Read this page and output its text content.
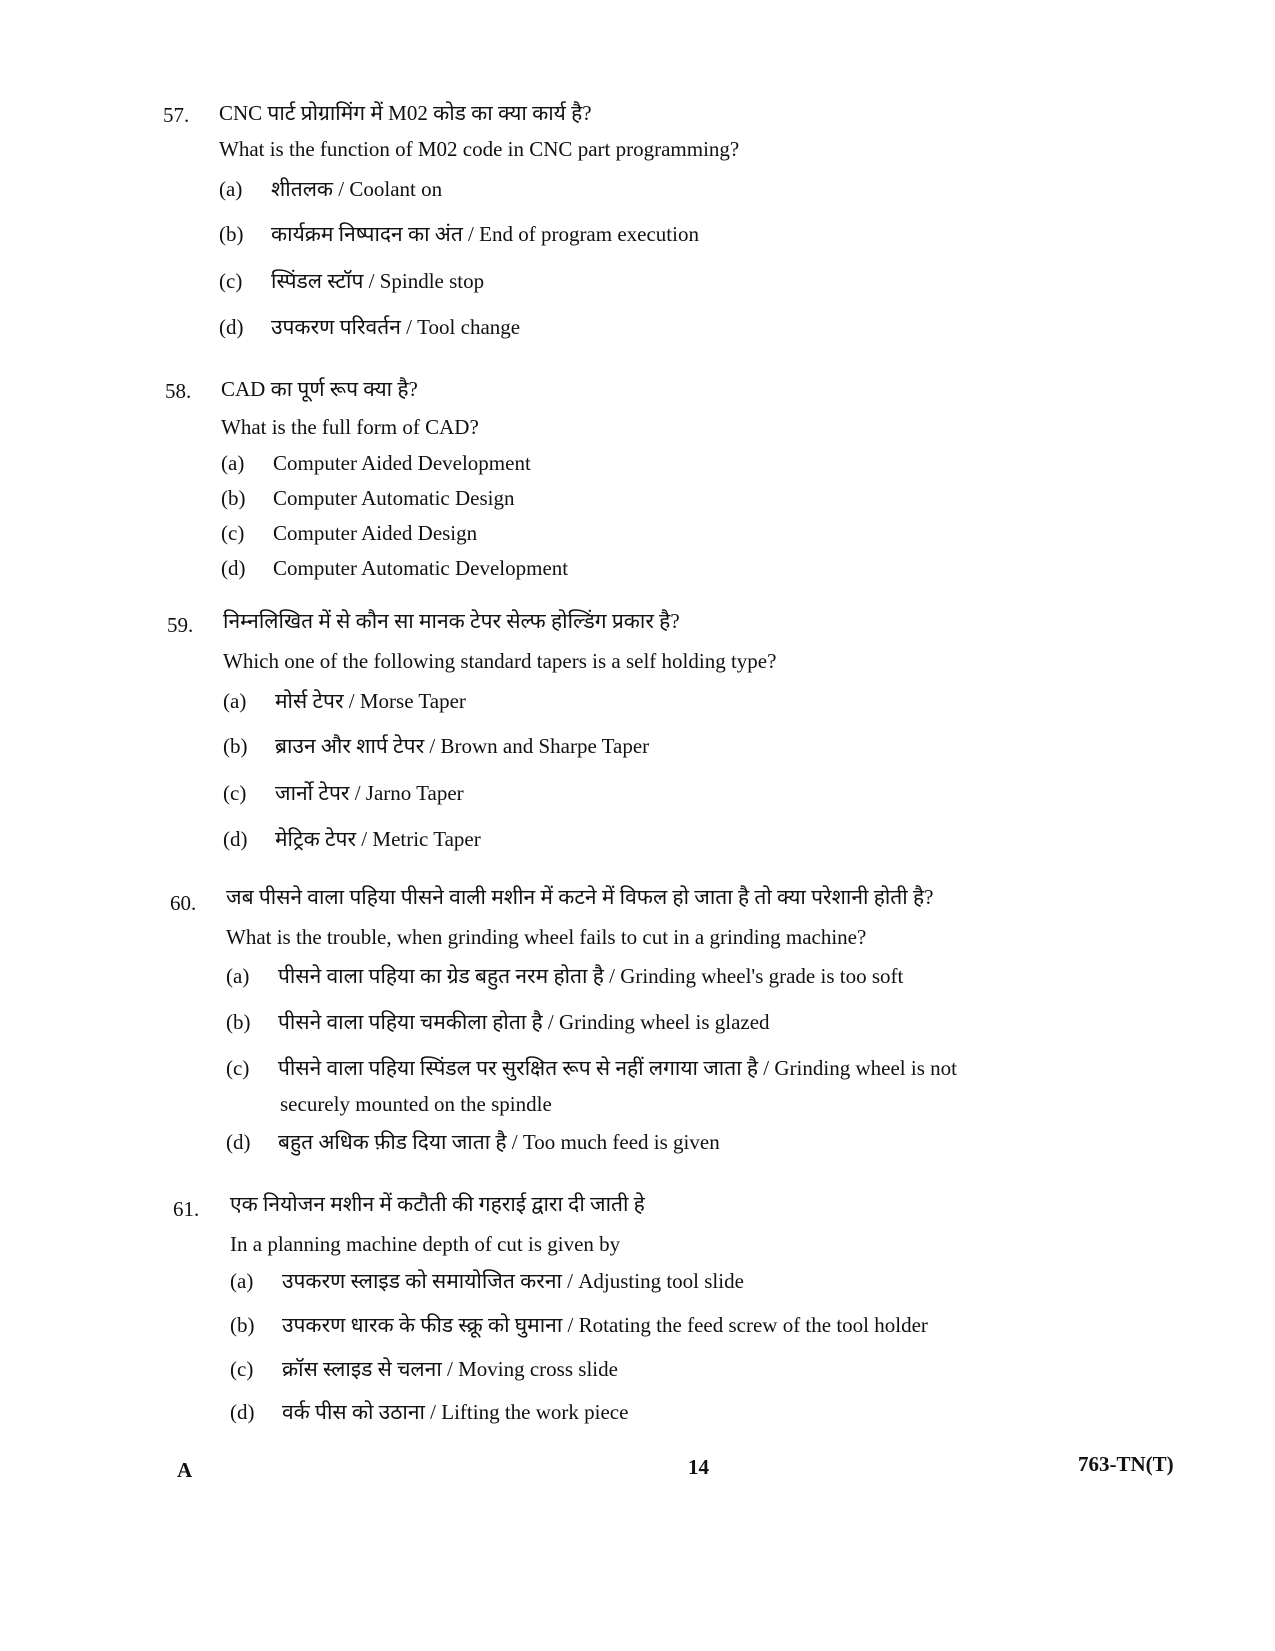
57. CNC पार्ट प्रोग्रामिंग में M02 कोड का क्या कार्य है?
What is the function of M02 code in CNC part programming?
(a) शीतलक / Coolant on
(b) कार्यक्रम निष्पादन का अंत / End of program execution
(c) स्पिंडल स्टॉप / Spindle stop
(d) उपकरण परिवर्तन / Tool change
58. CAD का पूर्ण रूप क्या है?
What is the full form of CAD?
(a) Computer Aided Development
(b) Computer Automatic Design
(c) Computer Aided Design
(d) Computer Automatic Development
59. निम्नलिखित में से कौन सा मानक टेपर सेल्फ होल्डिंग प्रकार है?
Which one of the following standard tapers is a self holding type?
(a) मोर्स टेपर / Morse Taper
(b) ब्राउन और शार्प टेपर / Brown and Sharpe Taper
(c) जार्नो टेपर / Jarno Taper
(d) मेट्रिक टेपर / Metric Taper
60. जब पीसने वाला पहिया पीसने वाली मशीन में कटने में विफल हो जाता है तो क्या परेशानी होती है?
What is the trouble, when grinding wheel fails to cut in a grinding machine?
(a) पीसने वाला पहिया का ग्रेड बहुत नरम होता है / Grinding wheel's grade is too soft
(b) पीसने वाला पहिया चमकीला होता है / Grinding wheel is glazed
(c) पीसने वाला पहिया स्पिंडल पर सुरक्षित रूप से नहीं लगाया जाता है / Grinding wheel is not
securely mounted on the spindle
(d) बहुत अधिक फ़ीड दिया जाता है / Too much feed is given
61. एक नियोजन मशीन में कटौती की गहराई द्वारा दी जाती हे
In a planning machine depth of cut is given by
(a) उपकरण स्लाइड को समायोजित करना / Adjusting tool slide
(b) उपकरण धारक के फीड स्क्रू को घुमाना / Rotating the feed screw of the tool holder
(c) क्रॉस स्लाइड से चलना / Moving cross slide
(d) वर्क पीस को उठाना / Lifting the work piece
A	14	763-TN(T)
